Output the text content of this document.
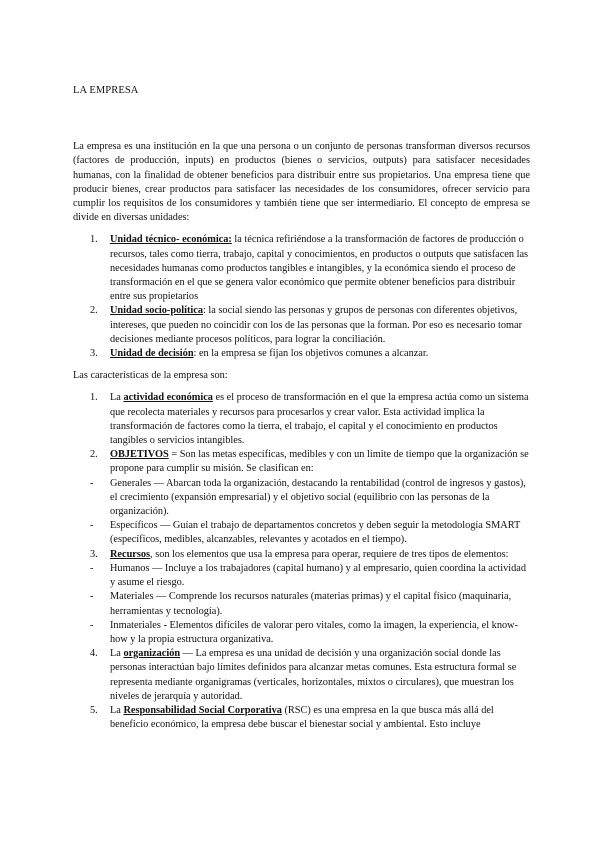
LA EMPRESA

La empresa es una institución en la que una persona o un conjunto de personas transforman diversos recursos (factores de producción, inputs) en productos (bienes o servicios, outputs) para satisfacer necesidades humanas, con la finalidad de obtener beneficios para distribuir entre sus propietarios. Una empresa tiene que producir bienes, crear productos para satisfacer las necesidades de los consumidores, ofrecer servicio para cumplir los requisitos de los consumidores y también tiene que ser intermediario. El concepto de empresa se divide en diversas unidades:

1. Unidad técnico- económica: la técnica refiriéndose a la transformación de factores de producción o recursos, tales como tierra, trabajo, capital y conocimientos, en productos o outputs que satisfacen las necesidades humanas como productos tangibles e intangibles, y la económica siendo el proceso de transformación en el que se genera valor económico que permite obtener beneficios para distribuir entre sus propietarios
2. Unidad socio-política: la social siendo las personas y grupos de personas con diferentes objetivos, intereses, que pueden no coincidir con los de las personas que la forman. Por eso es necesario tomar decisiones mediante procesos políticos, para lograr la conciliación.
3. Unidad de decisión: en la empresa se fijan los objetivos comunes a alcanzar.

Las características de la empresa son:

1. La actividad económica es el proceso de transformación en el que la empresa actúa como un sistema que recolecta materiales y recursos para procesarlos y crear valor. Esta actividad implica la transformación de factores como la tierra, el trabajo, el capital y el conocimiento en productos tangibles o servicios intangibles.
2. OBJETIVOS = Son las metas específicas, medibles y con un límite de tiempo que la organización se propone para cumplir su misión. Se clasifican en:
- Generales — Abarcan toda la organización, destacando la rentabilidad (control de ingresos y gastos), el crecimiento (expansión empresarial) y el objetivo social (equilibrio con las personas de la organización).
- Específicos — Guían el trabajo de departamentos concretos y deben seguir la metodología SMART (específicos, medibles, alcanzables, relevantes y acotados en el tiempo).
3. Recursos, son los elementos que usa la empresa para operar, requiere de tres tipos de elementos:
- Humanos — Incluye a los trabajadores (capital humano) y al empresario, quien coordina la actividad y asume el riesgo.
- Materiales — Comprende los recursos naturales (materias primas) y el capital físico (maquinaria, herramientas y tecnología).
- Inmateriales - Elementos difíciles de valorar pero vitales, como la imagen, la experiencia, el know-how y la propia estructura organizativa.
4. La organización — La empresa es una unidad de decisión y una organización social donde las personas interactúan bajo límites definidos para alcanzar metas comunes. Esta estructura formal se representa mediante organigramas (verticales, horizontales, mixtos o circulares), que muestran los niveles de jerarquía y autoridad.
5. La Responsabilidad Social Corporativa (RSC) es una empresa en la que busca más allá del beneficio económico, la empresa debe buscar el bienestar social y ambiental. Esto incluye
